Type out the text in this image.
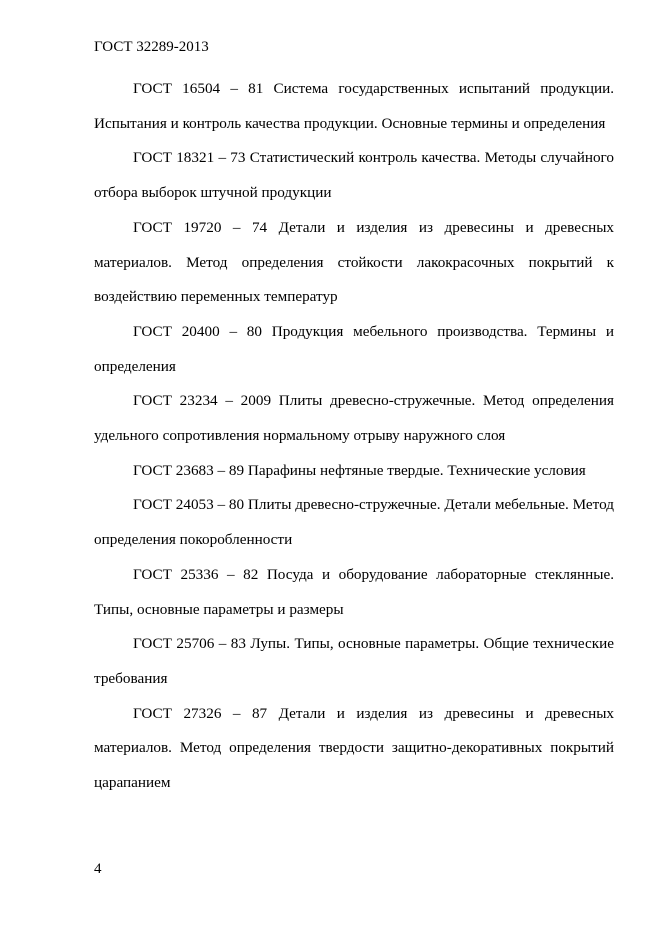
ГОСТ 32289-2013

ГОСТ 16504 – 81 Система государственных испытаний продукции. Испытания и контроль качества продукции. Основные термины и определения

ГОСТ 18321 – 73 Статистический контроль качества. Методы случайного отбора выборок штучной продукции

ГОСТ 19720 – 74 Детали и изделия из древесины и древесных материалов. Метод определения стойкости лакокрасочных покрытий к воздействию переменных температур

ГОСТ 20400 – 80 Продукция мебельного производства. Термины и определения

ГОСТ 23234 – 2009 Плиты древесно-стружечные. Метод определения удельного сопротивления нормальному отрыву наружного слоя

ГОСТ 23683 – 89 Парафины нефтяные твердые. Технические условия

ГОСТ 24053 – 80 Плиты древесно-стружечные. Детали мебельные. Метод определения покоробленности

ГОСТ 25336 – 82 Посуда и оборудование лабораторные стеклянные. Типы, основные параметры и размеры

ГОСТ 25706 – 83 Лупы. Типы, основные параметры. Общие технические требования

ГОСТ 27326 – 87 Детали и изделия из древесины и древесных материалов. Метод определения твердости защитно-декоративных покрытий царапанием

4
